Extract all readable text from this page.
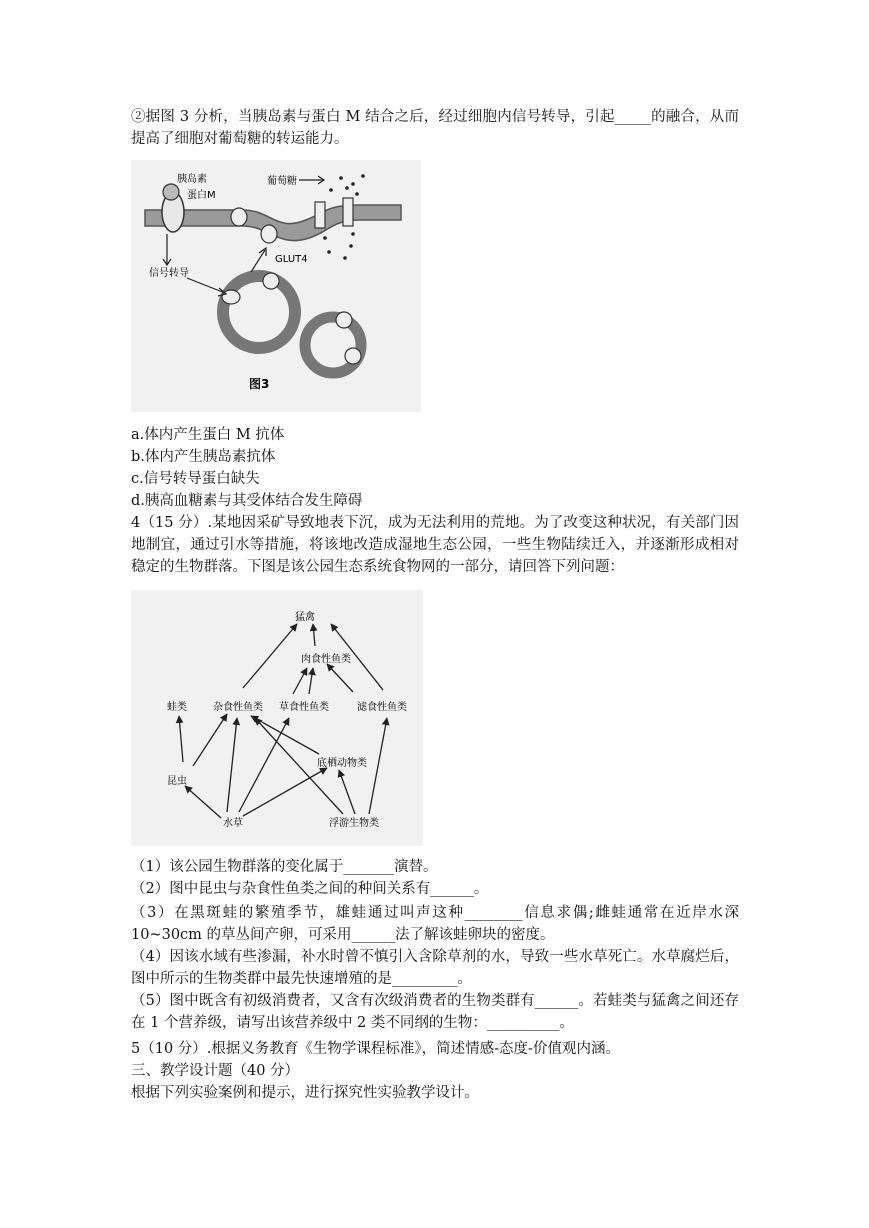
②据图 3 分析，当胰岛素与蛋白 M 结合之后，经过细胞内信号转导，引起_____的融合，从而提高了细胞对葡萄糖的转运能力。
胰岛素
蛋白M
葡萄糖
信号转导
GLUT4
图3
a.体内产生蛋白 M 抗体
b.体内产生胰岛素抗体
c.信号转导蛋白缺失
d.胰高血糖素与其受体结合发生障碍
4（15 分）.某地因采矿导致地表下沉，成为无法利用的荒地。为了改变这种状况，有关部门因地制宜，通过引水等措施，将该地改造成湿地生态公园，一些生物陆续迁入，并逐渐形成相对稳定的生物群落。下图是该公园生态系统食物网的一部分，请回答下列问题：
猛禽
肉食性鱼类
蛙类	杂食性鱼类 草食性鱼类	滤食性鱼类
底栖动物类
昆虫
水草	浮游生物类
（1）该公园生物群落的变化属于_______演替。
（2）图中昆虫与杂食性鱼类之间的种间关系有______。
（3）在黑斑蛙的繁殖季节，雄蛙通过叫声这种________信息求偶;雌蛙通常在近岸水深10~30cm 的草丛间产卵，可采用______法了解该蛙卵块的密度。
（4）因该水域有些渗漏，补水时曾不慎引入含除草剂的水，导致一些水草死亡。水草腐烂后，图中所示的生物类群中最先快速增殖的是_________。
（5）图中既含有初级消费者，又含有次级消费者的生物类群有______。若蛙类与猛禽之间还存在 1 个营养级，请写出该营养级中 2 类不同纲的生物：__________。
5（10 分）.根据义务教育《生物学课程标准》，简述情感-态度-价值观内涵。
三、教学设计题（40 分）
根据下列实验案例和提示，进行探究性实验教学设计。
